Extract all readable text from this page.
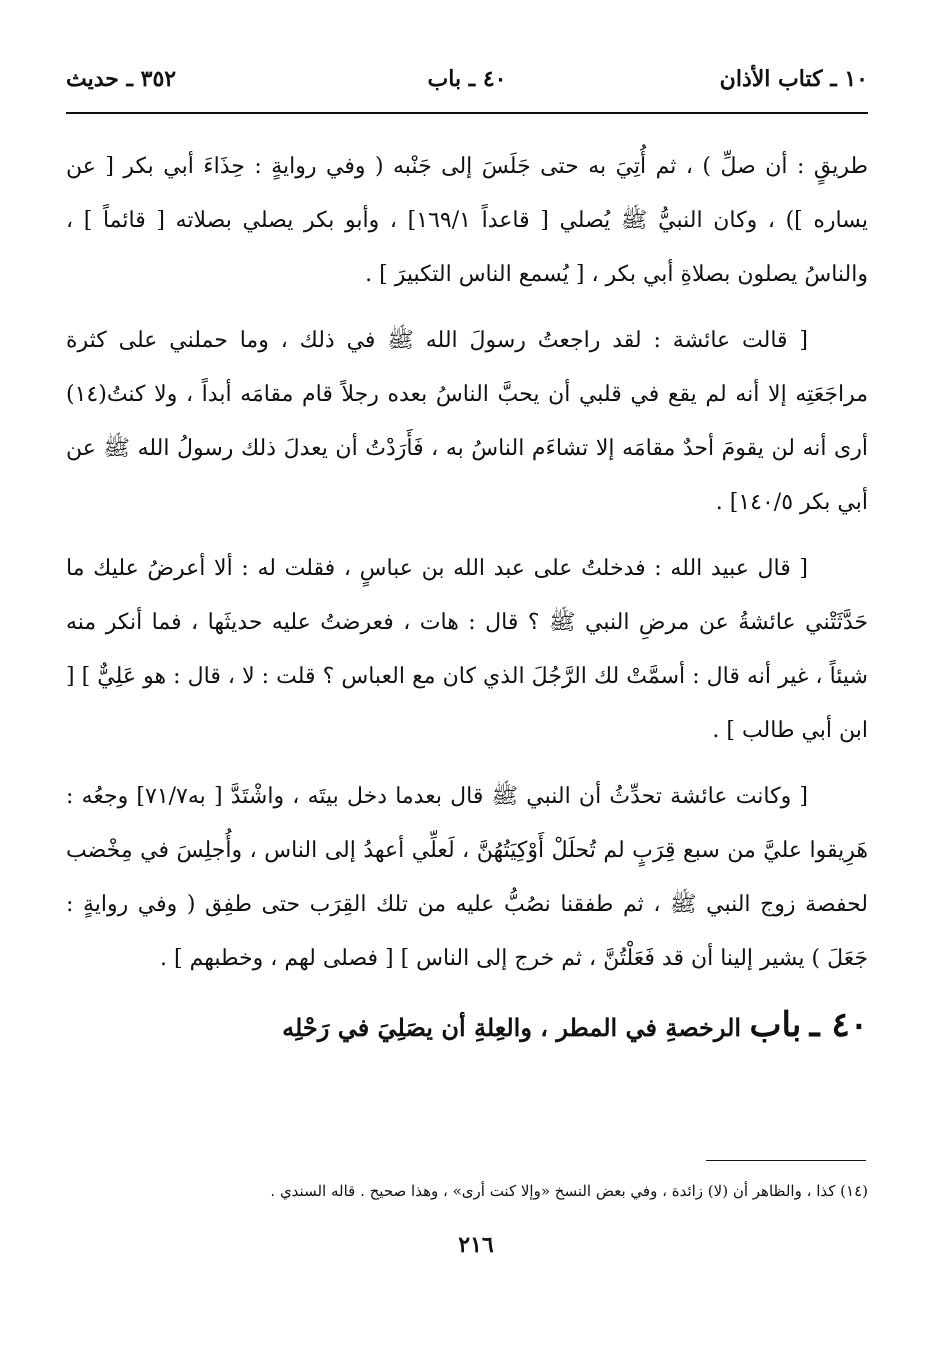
١٠ ـ كتاب الأذان
٤٠ ـ باب
٣٥٢ ـ حديث

طريقٍ : أن صلِّ ) ، ثم أُتِيَ به حتى جَلَسَ إلى جَنْبه ( وفي روايةٍ : حِذَاءَ أبي بكر [ عن يساره ]) ، وكان النبيُّ ﷺ يُصلي [ قاعداً ١٦٩/١] ، وأبو بكر يصلي بصلاته [ قائماً ] ، والناسُ يصلون بصلاةِ أبي بكر ، [ يُسمع الناس التكبيرَ ] .

[ قالت عائشة : لقد راجعتُ رسولَ الله ﷺ في ذلك ، وما حملني على كثرة مراجَعَتِه إلا أنه لم يقع في قلبي أن يحبَّ الناسُ بعده رجلاً قام مقامَه أبداً ، ولا كنتُ(١٤) أرى أنه لن يقومَ أحدٌ مقامَه إلا تشاءَم الناسُ به ، فَأَرَدْتُ أن يعدلَ ذلك رسولُ الله ﷺ عن أبي بكر ١٤٠/٥] .

[ قال عبيد الله : فدخلتُ على عبد الله بن عباسٍ ، فقلت له : ألا أعرضُ عليك ما حَدَّثَتْني عائشةُ عن مرضِ النبي ﷺ ؟ قال : هات ، فعرضتُ عليه حديثَها ، فما أنكر منه شيئاً ، غير أنه قال : أسمَّتْ لك الرَّجُلَ الذي كان مع العباس ؟ قلت : لا ، قال : هو عَلِيٌّ ] [ ابن أبي طالب ] .

[ وكانت عائشة تحدِّثُ أن النبي ﷺ قال بعدما دخل بيتَه ، واشْتَدَّ [ به٧١/٧] وجعُه : هَرِيقوا عليَّ من سبع قِرَبٍ لم تُحلَلْ أَوْكِيَتُهُنَّ ، لَعلِّي أعهدُ إلى الناس ، وأُجلِسَ في مِخْضب لحفصة زوج النبي ﷺ ، ثم طفقنا نصُبُّ عليه من تلك القِرَب حتى طفِق ( وفي روايةٍ : جَعَلَ ) يشير إلينا أن قد فَعَلْتُنَّ ، ثم خرج إلى الناس ] [ فصلى لهم ، وخطبهم ] .

٤٠ ـ باب الرخصةِ في المطر ، والعِلةِ أن يصَلِيَ في رَحْلِه
(١٤) كذا ، والظاهر أن (لا) زائدة ، وفي بعض النسخ «وإلا كنت أرى» ، وهذا صحيح . قاله السندي .
٢١٦
